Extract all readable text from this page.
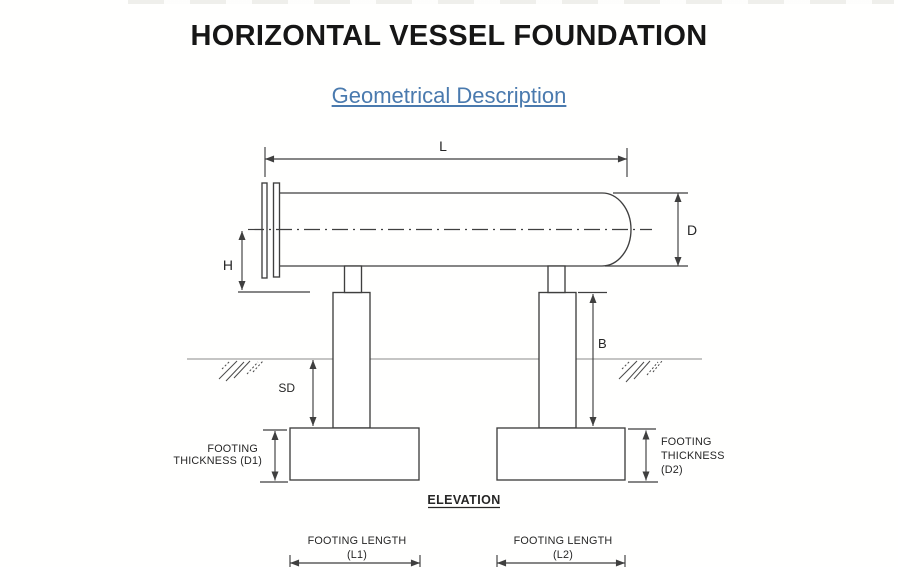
HORIZONTAL VESSEL FOUNDATION
Geometrical Description
L
D
H
SD
B
FOOTING
THICKNESS (D1)
FOOTING
THICKNESS
(D2)
ELEVATION
FOOTING LENGTH
(L1)
FOOTING LENGTH
(L2)
